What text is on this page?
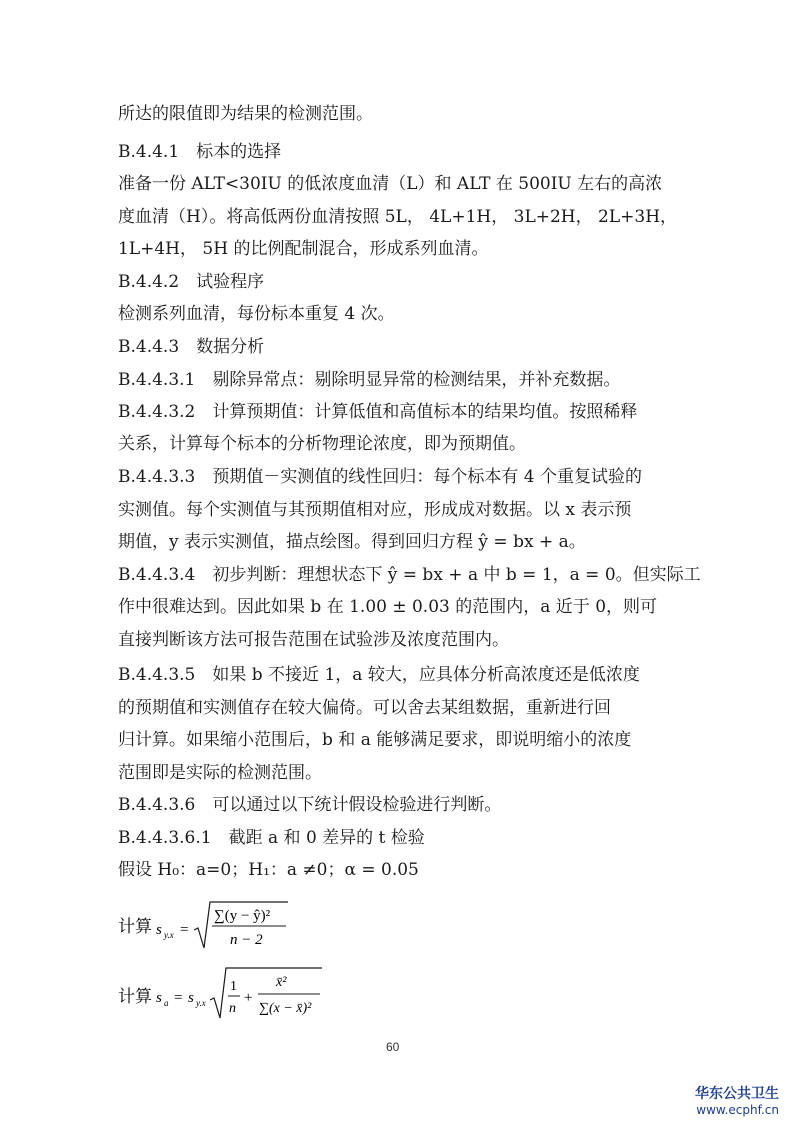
所达的限值即为结果的检测范围。
B.4.4.1　标本的选择
准备一份 ALT<30IU 的低浓度血清（L）和 ALT 在 500IU 左右的高浓
度血清（H）。将高低两份血清按照 5L， 4L+1H， 3L+2H， 2L+3H，
1L+4H， 5H 的比例配制混合，形成系列血清。
B.4.4.2　试验程序
检测系列血清，每份标本重复 4 次。
B.4.4.3　数据分析
B.4.4.3.1　剔除异常点：剔除明显异常的检测结果，并补充数据。
B.4.4.3.2　计算预期值：计算低值和高值标本的结果均值。按照稀释
关系，计算每个标本的分析物理论浓度，即为预期值。
B.4.4.3.3　预期值－实测值的线性回归：每个标本有 4 个重复试验的
实测值。每个实测值与其预期值相对应，形成成对数据。以 x 表示预
期值，y 表示实测值，描点绘图。得到回归方程 ŷ = bx + a。
B.4.4.3.4　初步判断：理想状态下 ŷ = bx + a 中 b = 1，a = 0。但实际工
作中很难达到。因此如果 b 在 1.00 ± 0.03 的范围内，a 近于 0，则可
直接判断该方法可报告范围在试验涉及浓度范围内。
B.4.4.3.5　如果 b 不接近 1，a 较大，应具体分析高浓度还是低浓度
的预期值和实测值存在较大偏倚。可以舍去某组数据，重新进行回
归计算。如果缩小范围后，b 和 a 能够满足要求，即说明缩小的浓度
范围即是实际的检测范围。
B.4.4.3.6　可以通过以下统计假设检验进行判断。
B.4.4.3.6.1　截距 a 和 0 差异的 t 检验
假设 H₀：a=0；H₁：a ≠0；α = 0.05
计算 s y.x =
∑(y − ŷ)²
n − 2
计算 s a = s y.x
1
n
+
x̄²
∑(x − x̄)²
60
华东公共卫生
www.ecphf.cn
